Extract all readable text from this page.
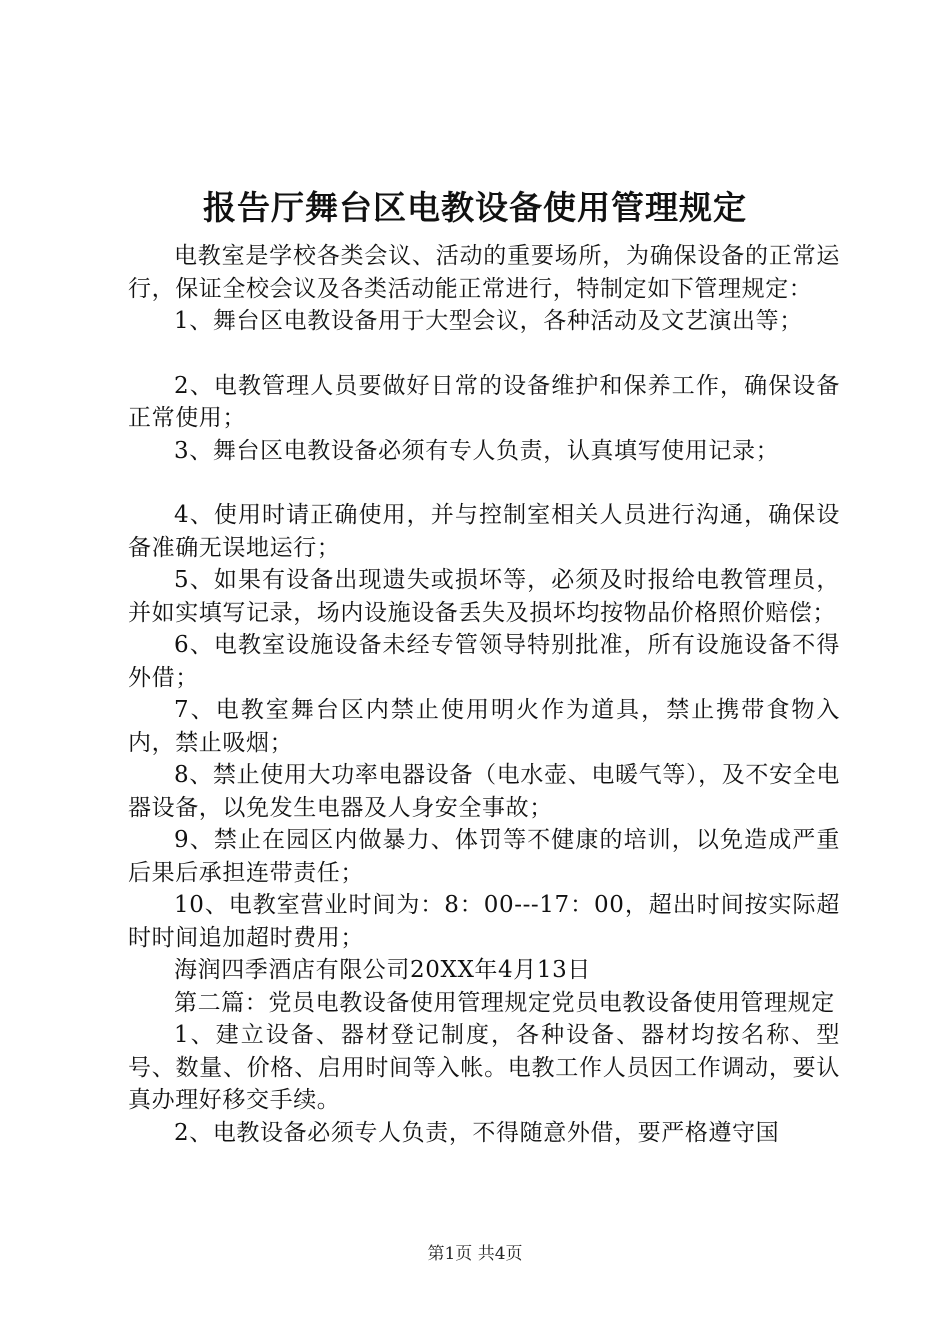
报告厅舞台区电教设备使用管理规定

电教室是学校各类会议、活动的重要场所，为确保设备的正常运行，保证全校会议及各类活动能正常进行，特制定如下管理规定：

1、舞台区电教设备用于大型会议，各种活动及文艺演出等；

2、电教管理人员要做好日常的设备维护和保养工作，确保设备正常使用；

3、舞台区电教设备必须有专人负责，认真填写使用记录；

4、使用时请正确使用，并与控制室相关人员进行沟通，确保设备准确无误地运行；

5、如果有设备出现遗失或损坏等，必须及时报给电教管理员，并如实填写记录，场内设施设备丢失及损坏均按物品价格照价赔偿；

6、电教室设施设备未经专管领导特别批准，所有设施设备不得外借；

7、电教室舞台区内禁止使用明火作为道具，禁止携带食物入内，禁止吸烟；

8、禁止使用大功率电器设备（电水壶、电暖气等），及不安全电器设备，以免发生电器及人身安全事故；

9、禁止在园区内做暴力、体罚等不健康的培训，以免造成严重后果后承担连带责任；

10、电教室营业时间为：8：00---17：00，超出时间按实际超时时间追加超时费用；

海润四季酒店有限公司20XX年4月13日

第二篇：党员电教设备使用管理规定党员电教设备使用管理规定

1、建立设备、器材登记制度，各种设备、器材均按名称、型号、数量、价格、启用时间等入帐。电教工作人员因工作调动，要认真办理好移交手续。

2、电教设备必须专人负责，不得随意外借，要严格遵守国

第1页 共4页
